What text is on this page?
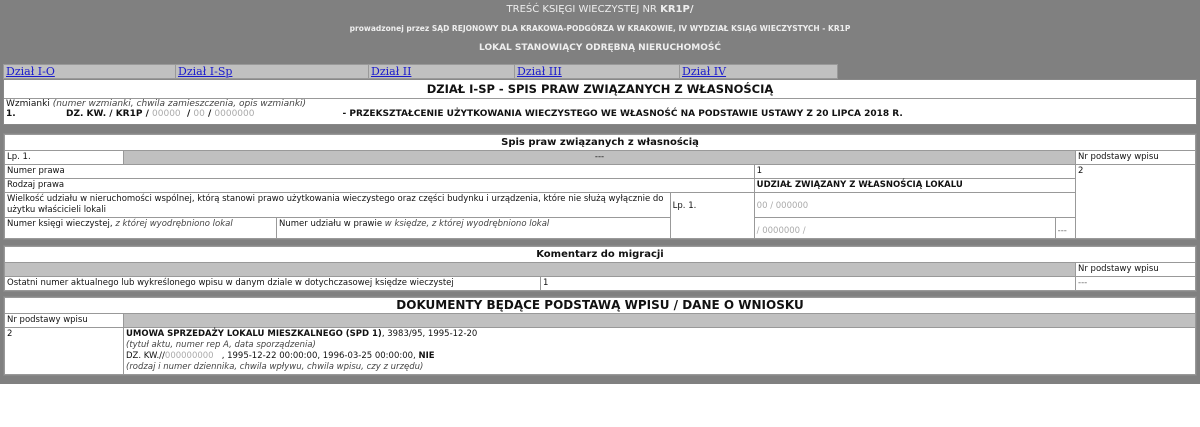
TREŚĆ KSIĘGI WIECZYSTEJ NR KR1P/
prowadzonej przez SĄD REJONOWY DLA KRAKOWA-PODGÓRZA W KRAKOWIE, IV WYDZIAŁ KSIĄG WIECZYSTYCH - KR1P
LOKAL STANOWIĄCY ODRĘBNĄ NIERUCHOMOŚĆ
Dział I-O	Dział I-Sp	Dział II	Dział III	Dział IV
DZIAŁ I-SP - SPIS PRAW ZWIĄZANYCH Z WŁASNOŚCIĄ
Wzmianki (numer wzmianki, chwila zamieszczenia, opis wzmianki)
1.	DZ. KW. / KR1P /
00000
/
00
/
0000000	- PRZEKSZTAŁCENIE UŻYTKOWANIA WIECZYSTEGO WE WŁASNOŚĆ NA PODSTAWIE USTAWY Z 20 LIPCA 2018 R.
Spis praw związanych z własnością						
Lp. 1.	---					Nr podstawy wpisu
Numer prawa				1		2
Rodzaj prawa				UDZIAŁ ZWIĄZANY Z WŁASNOŚCIĄ LOKALU		
Wielkość udziału w nieruchomości wspólnej, którą stanowi prawo użytkowania wieczystego oraz części budynku i urządzenia, które nie służą wyłącznie do użytku właścicieli lokali			Lp. 1.	00 / 000000		
Numer księgi wieczystej, z której wyodrębniono lokal		Numer udziału w prawie w księdze, z której wyodrębniono lokal		/ 0000000 /	---	
Komentarz do migracji		
		Nr podstawy wpisu
Ostatni numer aktualnego lub wykreślonego wpisu w danym dziale w dotychczasowej księdze wieczystej	1	---
DOKUMENTY BĘDĄCE PODSTAWĄ WPISU / DANE O WNIOSKU	
Nr podstawy wpisu	
2	UMOWA SPRZEDAŻY LOKALU MIESZKALNEGO (SPD 1), 3983/95, 1995-12-20
(tytuł aktu, numer rep A, data sporządzenia)
DZ. KW.//000000000 , 1995-12-22 00:00:00, 1996-03-25 00:00:00, NIE
(rodzaj i numer dziennika, chwila wpływu, chwila wpisu, czy z urzędu)
